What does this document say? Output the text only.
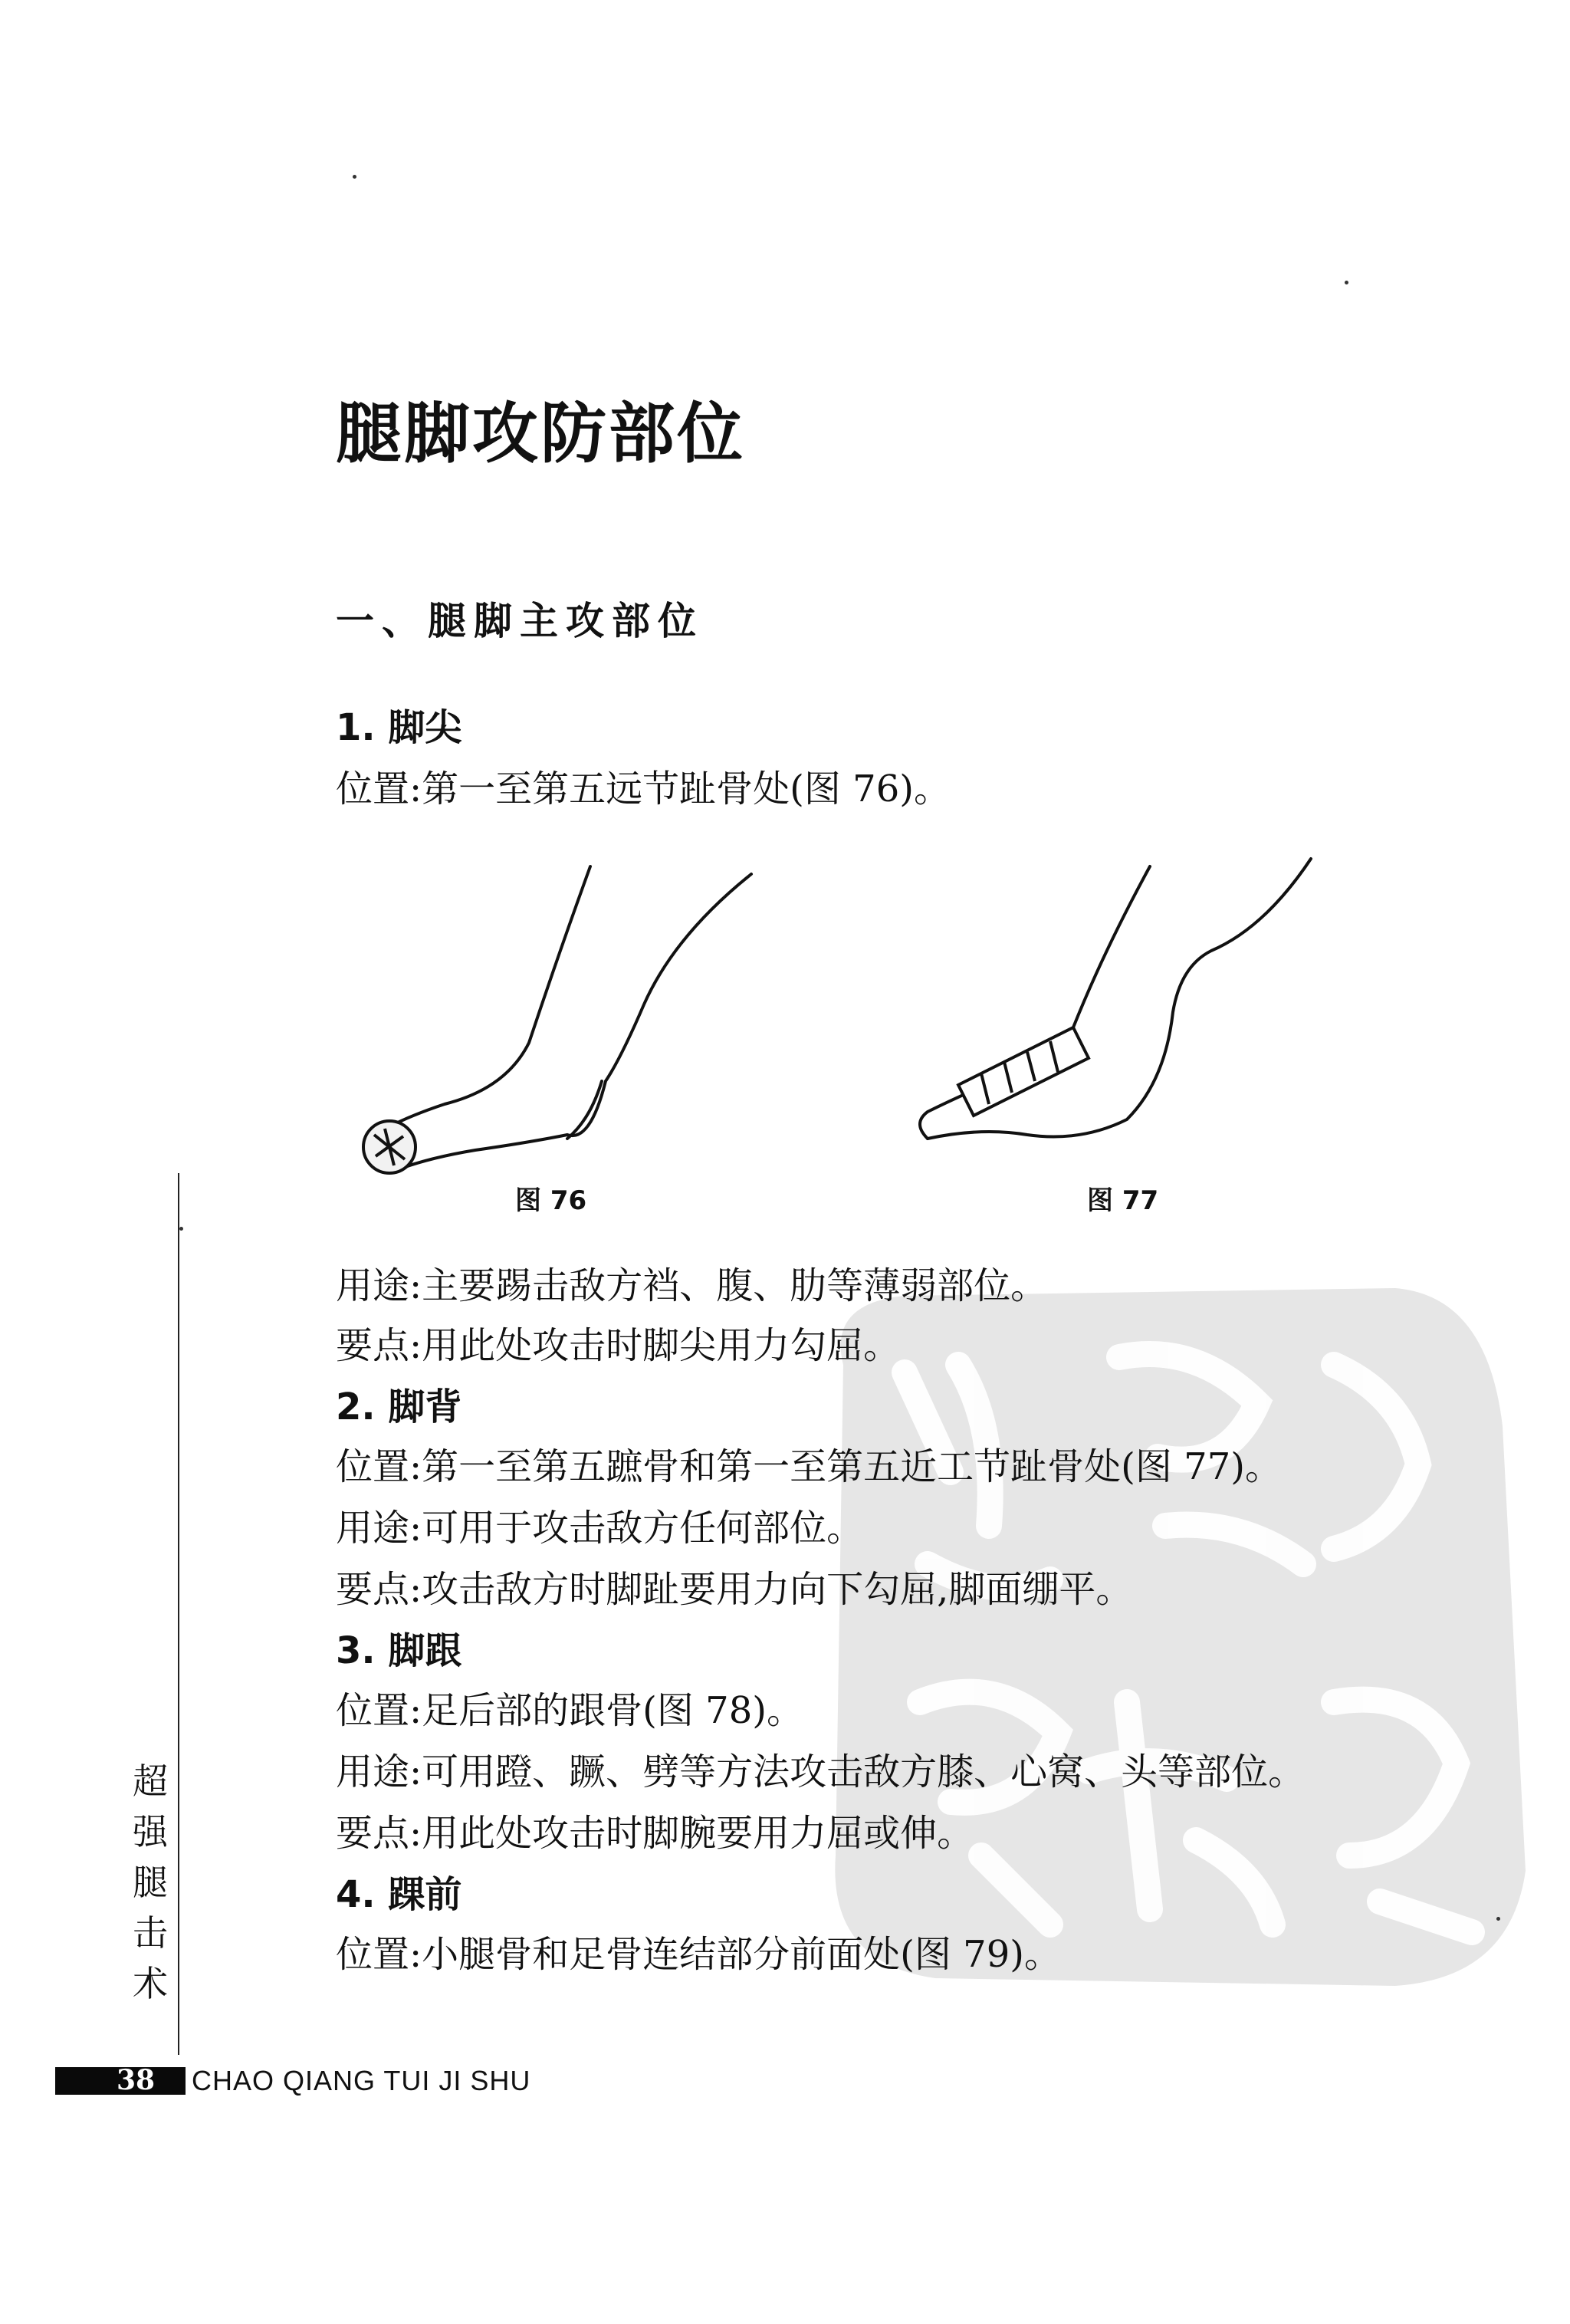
腿脚攻防部位
一、腿脚主攻部位
1. 脚尖
位置:第一至第五远节趾骨处(图 76)。
图 76	图 77
用途:主要踢击敌方裆、腹、肋等薄弱部位。
要点:用此处攻击时脚尖用力勾屈。
2. 脚背
位置:第一至第五蹠骨和第一至第五近工节趾骨处(图 77)。
用途:可用于攻击敌方任何部位。
要点:攻击敌方时脚趾要用力向下勾屈,脚面绷平。
3. 脚跟
位置:足后部的跟骨(图 78)。
用途:可用蹬、蹶、劈等方法攻击敌方膝、心窝、头等部位。
要点:用此处攻击时脚腕要用力屈或伸。
4. 踝前
位置:小腿骨和足骨连结部分前面处(图 79)。
超强腿击术
38 CHAO QIANG TUI JI SHU
